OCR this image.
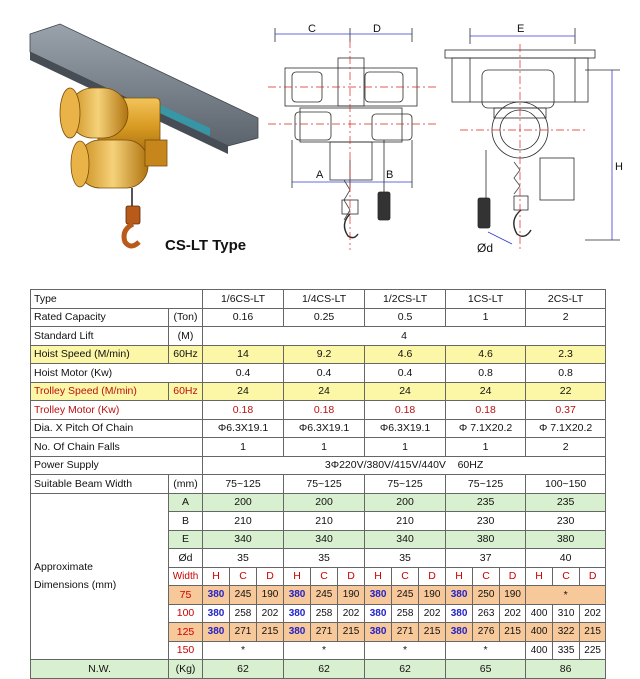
CS-LT Type
C	D
A	B
E
H
Ød
Type		1/6CS-LT			1/4CS-LT			1/2CS-LT			1CS-LT			2CS-LT		
Rated Capacity	(Ton)	0.16			0.25			0.5			1			2		
Standard Lift	(M)	4														
Hoist Speed (M/min)	60Hz	14			9.2			4.6			4.6			2.3		
Hoist Motor (Kw)		0.4			0.4			0.4			0.8			0.8		
Trolley Speed (M/min)	60Hz	24			24			24			24			22		
Trolley Motor (Kw)		0.18			0.18			0.18			0.18			0.37		
Dia. X Pitch Of Chain		Φ6.3X19.1			Φ6.3X19.1			Φ6.3X19.1			Φ 7.1X20.2			Φ 7.1X20.2		
No. Of Chain Falls		1			1			1			1			2		
Power Supply		3Φ220V/380V/415V/440V    60HZ														
Suitable Beam Width	(mm)	75~125			75~125			75~125			75~125			100~150		
Approximate
Dimensions (mm)	A	200			200			200			235			235		
	B	210			210			210			230			230		
	E	340			340			340			380			380		
	Ød	35			35			35			37			40		
	Width	H	C	D	H	C	D	H	C	D	H	C	D	H	C	D
	75	380	245	190	380	245	190	380	245	190	380	250	190	*		
	100	380	258	202	380	258	202	380	258	202	380	263	202	400	310	202
	125	380	271	215	380	271	215	380	271	215	380	276	215	400	322	215
	150	*			*			*			*			400	335	225
N.W.	(Kg)	62			62			62			65			86		
